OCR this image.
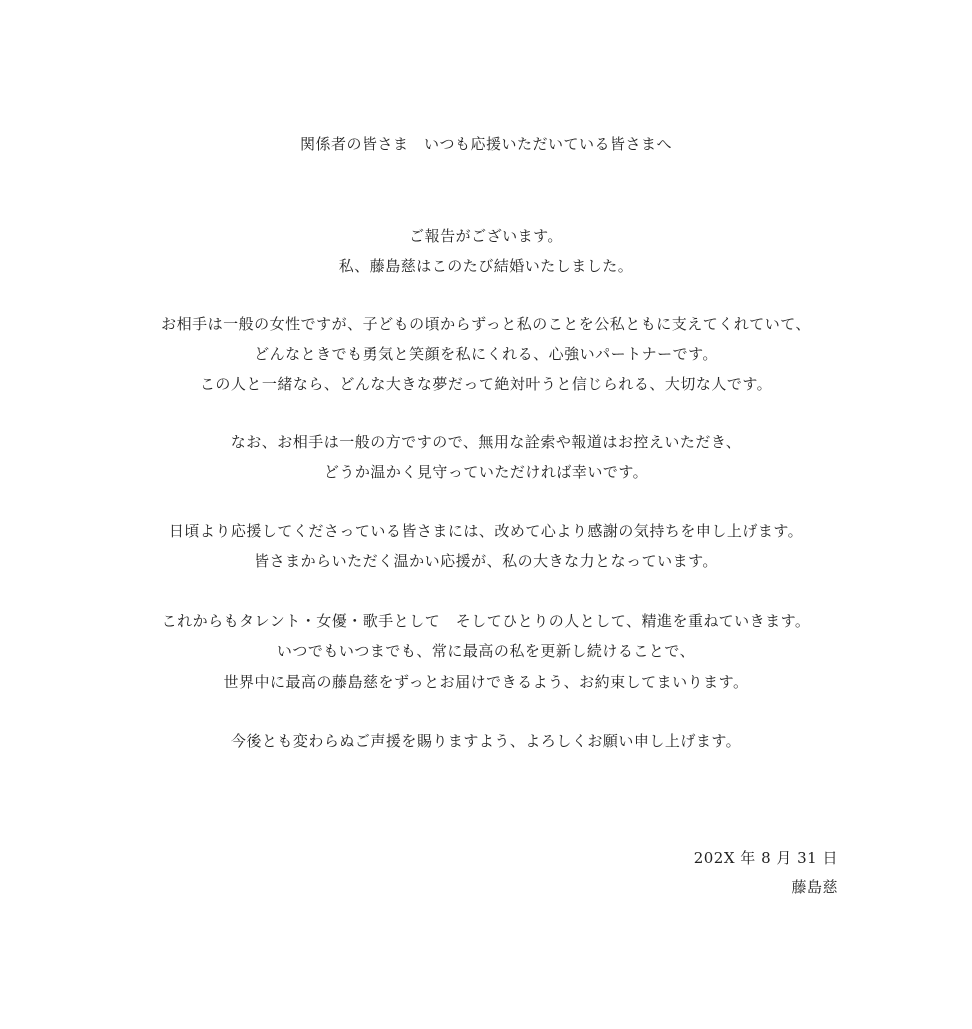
関係者の皆さま　いつも応援いただいている皆さまへ
ご報告がございます。
私、藤島慈はこのたび結婚いたしました。
お相手は一般の女性ですが、子どもの頃からずっと私のことを公私ともに支えてくれていて、
どんなときでも勇気と笑顔を私にくれる、心強いパートナーです。
この人と一緒なら、どんな大きな夢だって絶対叶うと信じられる、大切な人です。
なお、お相手は一般の方ですので、無用な詮索や報道はお控えいただき、
どうか温かく見守っていただければ幸いです。
日頃より応援してくださっている皆さまには、改めて心より感謝の気持ちを申し上げます。
皆さまからいただく温かい応援が、私の大きな力となっています。
これからもタレント・女優・歌手として　そしてひとりの人として、精進を重ねていきます。
いつでもいつまでも、常に最高の私を更新し続けることで、
世界中に最高の藤島慈をずっとお届けできるよう、お約束してまいります。
今後とも変わらぬご声援を賜りますよう、よろしくお願い申し上げます。
202X 年 8 月 31 日
藤島慈
